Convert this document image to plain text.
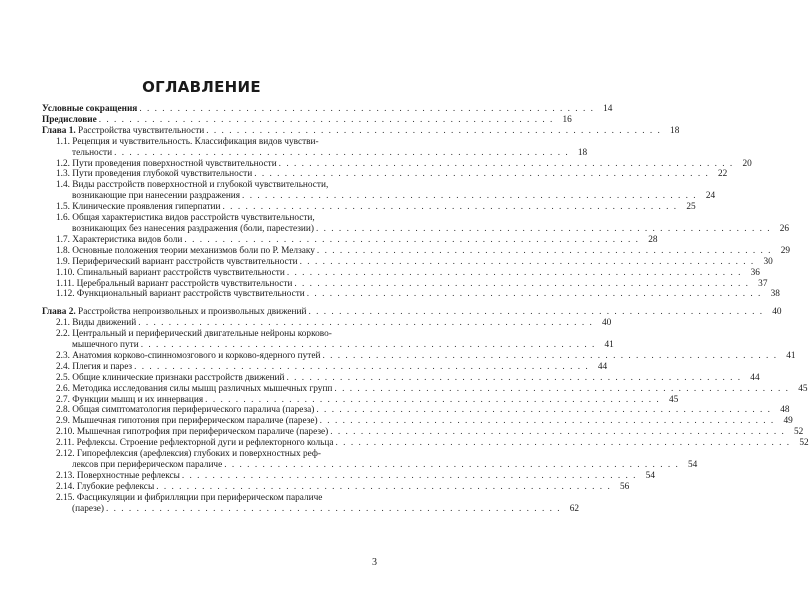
ОГЛАВЛЕНИЕ
Условные сокращения . . . . . . . . . . . . . . . . . . . . . . . . . . . . . . . . . . . . . . . . . . . . . . . . . . . . . . . . . . . . 14
Предисловие . . . . . . . . . . . . . . . . . . . . . . . . . . . . . . . . . . . . . . . . . . . . . . . . . . . . . . . . . . . . 16
Глава 1. Расстройства чувствительности . . . . . . . . . . . . . . . . . . . . . . . . . . . . . . . . . . . . . . . . . . . . . . . . . . . . . . . . . . . . 18
1.1. Рецепция и чувствительность. Классификация видов чувстви-
тельности . . . . . . . . . . . . . . . . . . . . . . . . . . . . . . . . . . . . . . . . . . . . . . . . . . . . . . . . . . . . 18
1.2. Пути проведения поверхностной чувствительности . . . . . . . . . . . . . . . . . . . . . . . . . . . . . . . . . . . . . . . . . . . . . . . . . . . . . . . . . . . . 20
1.3. Пути проведения глубокой чувствительности . . . . . . . . . . . . . . . . . . . . . . . . . . . . . . . . . . . . . . . . . . . . . . . . . . . . . . . . . . . . 22
1.4. Виды расстройств поверхностной и глубокой чувствительности,
возникающие при нанесении раздражения . . . . . . . . . . . . . . . . . . . . . . . . . . . . . . . . . . . . . . . . . . . . . . . . . . . . . . . . . . . . 24
1.5. Клинические проявления гиперпатии . . . . . . . . . . . . . . . . . . . . . . . . . . . . . . . . . . . . . . . . . . . . . . . . . . . . . . . . . . . . 25
1.6. Общая характеристика видов расстройств чувствительности,
возникающих без нанесения раздражения (боли, парестезии) . . . . . . . . . . . . . . . . . . . . . . . . . . . . . . . . . . . . . . . . . . . . . . . . . . . . . . . . . . . . 26
1.7. Характеристика видов боли . . . . . . . . . . . . . . . . . . . . . . . . . . . . . . . . . . . . . . . . . . . . . . . . . . . . . . . . . . . . 28
1.8. Основные положения теории механизмов боли по Р. Мелзаку . . . . . . . . . . . . . . . . . . . . . . . . . . . . . . . . . . . . . . . . . . . . . . . . . . . . . . . . . . . . 29
1.9. Периферический вариант расстройств чувствительности . . . . . . . . . . . . . . . . . . . . . . . . . . . . . . . . . . . . . . . . . . . . . . . . . . . . . . . . . . . . 30
1.10. Спинальный вариант расстройств чувствительности . . . . . . . . . . . . . . . . . . . . . . . . . . . . . . . . . . . . . . . . . . . . . . . . . . . . . . . . . . . . 36
1.11. Церебральный вариант расстройств чувствительности . . . . . . . . . . . . . . . . . . . . . . . . . . . . . . . . . . . . . . . . . . . . . . . . . . . . . . . . . . . . 37
1.12. Функциональный вариант расстройств чувствительности . . . . . . . . . . . . . . . . . . . . . . . . . . . . . . . . . . . . . . . . . . . . . . . . . . . . . . . . . . . . 38
Глава 2. Расстройства непроизвольных и произвольных движений . . . . . . . . . . . . . . . . . . . . . . . . . . . . . . . . . . . . . . . . . . . . . . . . . . . . . . . . . . . . 40
2.1. Виды движений . . . . . . . . . . . . . . . . . . . . . . . . . . . . . . . . . . . . . . . . . . . . . . . . . . . . . . . . . . . . 40
2.2. Центральный и периферический двигательные нейроны корково-
мышечного пути . . . . . . . . . . . . . . . . . . . . . . . . . . . . . . . . . . . . . . . . . . . . . . . . . . . . . . . . . . . . 41
2.3. Анатомия корково-спинномозгового и корково-ядерного путей . . . . . . . . . . . . . . . . . . . . . . . . . . . . . . . . . . . . . . . . . . . . . . . . . . . . . . . . . . . . 41
2.4. Плегия и парез . . . . . . . . . . . . . . . . . . . . . . . . . . . . . . . . . . . . . . . . . . . . . . . . . . . . . . . . . . . . 44
2.5. Общие клинические признаки расстройств движений . . . . . . . . . . . . . . . . . . . . . . . . . . . . . . . . . . . . . . . . . . . . . . . . . . . . . . . . . . . . 44
2.6. Методика исследования силы мышц различных мышечных групп . . . . . . . . . . . . . . . . . . . . . . . . . . . . . . . . . . . . . . . . . . . . . . . . . . . . . . . . . . . . 45
2.7. Функции мышц и их иннервация . . . . . . . . . . . . . . . . . . . . . . . . . . . . . . . . . . . . . . . . . . . . . . . . . . . . . . . . . . . . 45
2.8. Общая симптоматология периферического паралича (пареза) . . . . . . . . . . . . . . . . . . . . . . . . . . . . . . . . . . . . . . . . . . . . . . . . . . . . . . . . . . . . 48
2.9. Мышечная гипотония при периферическом параличе (парезе) . . . . . . . . . . . . . . . . . . . . . . . . . . . . . . . . . . . . . . . . . . . . . . . . . . . . . . . . . . . . 49
2.10. Мышечная гипотрофия при периферическом параличе (парезе) . . . . . . . . . . . . . . . . . . . . . . . . . . . . . . . . . . . . . . . . . . . . . . . . . . . . . . . . . . . . 52
2.11. Рефлексы. Строение рефлекторной дуги и рефлекторного кольца . . . . . . . . . . . . . . . . . . . . . . . . . . . . . . . . . . . . . . . . . . . . . . . . . . . . . . . . . . . . 52
2.12. Гипорефлексия (арефлексия) глубоких и поверхностных реф-
лексов при периферическом параличе . . . . . . . . . . . . . . . . . . . . . . . . . . . . . . . . . . . . . . . . . . . . . . . . . . . . . . . . . . . . 54
2.13. Поверхностные рефлексы . . . . . . . . . . . . . . . . . . . . . . . . . . . . . . . . . . . . . . . . . . . . . . . . . . . . . . . . . . . . 54
2.14. Глубокие рефлексы . . . . . . . . . . . . . . . . . . . . . . . . . . . . . . . . . . . . . . . . . . . . . . . . . . . . . . . . . . . . 56
2.15. Фасцикуляции и фибрилляции при периферическом параличе
(парезе) . . . . . . . . . . . . . . . . . . . . . . . . . . . . . . . . . . . . . . . . . . . . . . . . . . . . . . . . . . . . 62
3
